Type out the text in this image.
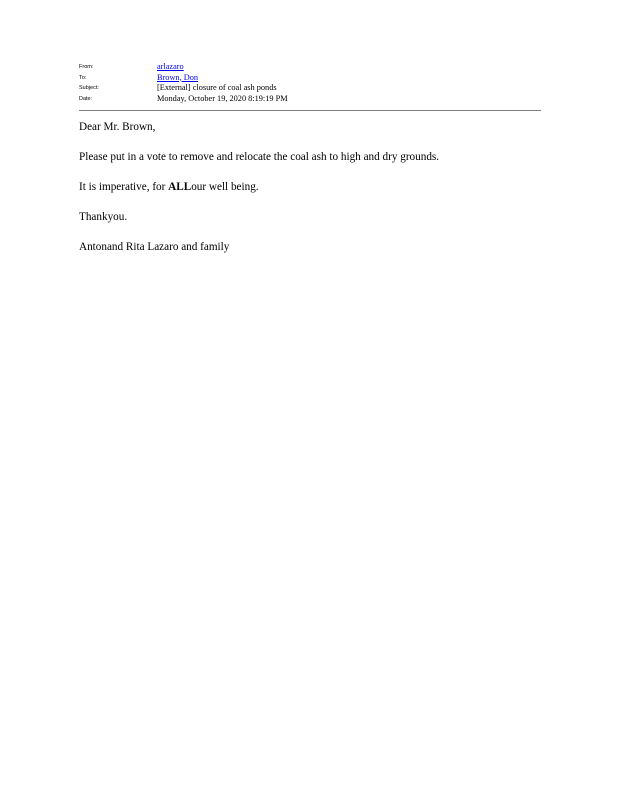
From:	arlazaro
To:	Brown, Don
Subject:	[External] closure of coal ash ponds
Date:	Monday, October 19, 2020 8:19:19 PM

Dear Mr. Brown,

Please put in a vote to remove and relocate the coal ash to high and dry grounds.

It is imperative, for ALLour well being.

Thankyou.

Antonand Rita Lazaro and family
